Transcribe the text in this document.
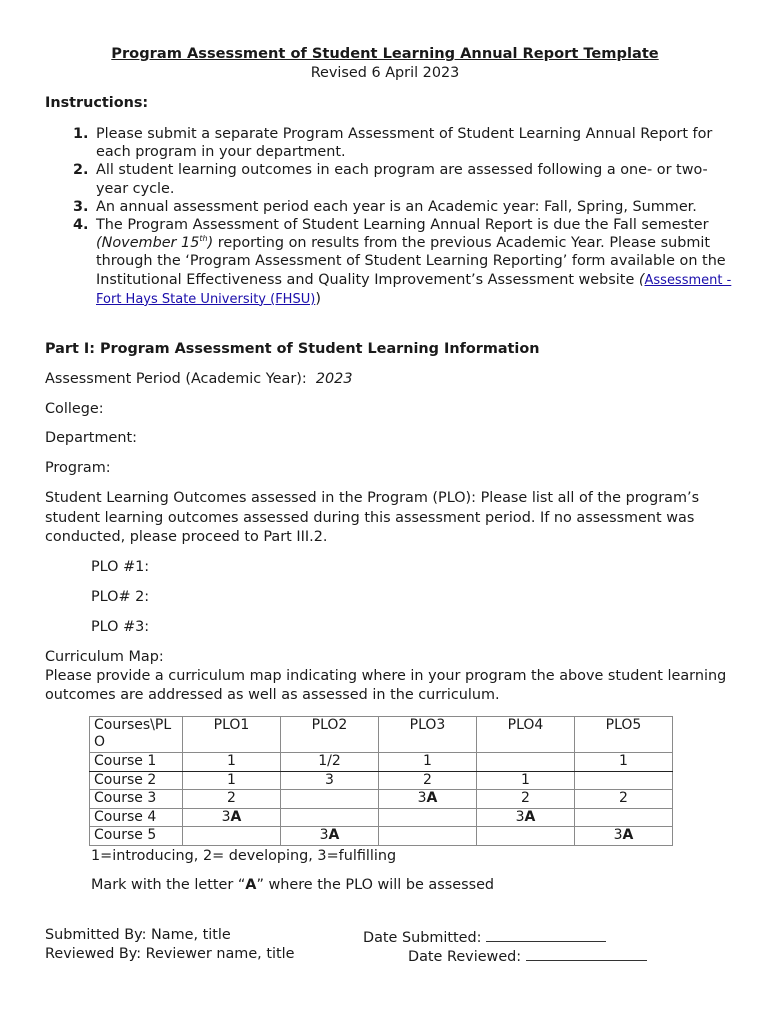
Program Assessment of Student Learning Annual Report Template
Revised 6 April 2023
Instructions:
1. Please submit a separate Program Assessment of Student Learning Annual Report for each program in your department.
2. All student learning outcomes in each program are assessed following a one- or two-year cycle.
3. An annual assessment period each year is an Academic year: Fall, Spring, Summer.
4. The Program Assessment of Student Learning Annual Report is due the Fall semester (November 15th) reporting on results from the previous Academic Year. Please submit through the ‘Program Assessment of Student Learning Reporting’ form available on the Institutional Effectiveness and Quality Improvement’s Assessment website (Assessment - Fort Hays State University (FHSU))
Part I: Program Assessment of Student Learning Information
Assessment Period (Academic Year): 2023
College:
Department:
Program:
Student Learning Outcomes assessed in the Program (PLO): Please list all of the program’s student learning outcomes assessed during this assessment period. If no assessment was conducted, please proceed to Part III.2.
PLO #1:
PLO# 2:
PLO #3:
Curriculum Map:
Please provide a curriculum map indicating where in your program the above student learning outcomes are addressed as well as assessed in the curriculum.
Courses\PLO	PLO1	PLO2	PLO3	PLO4	PLO5
Course 1	1	1/2	1		1
Course 2	1	3	2	1	
Course 3	2		3A	2	2
Course 4	3A			3A	
Course 5		3A			3A
1=introducing, 2= developing, 3=fulfilling
Mark with the letter “A” where the PLO will be assessed
Submitted By: Name, title	Date Submitted:
Reviewed By: Reviewer name, title	Date Reviewed:
